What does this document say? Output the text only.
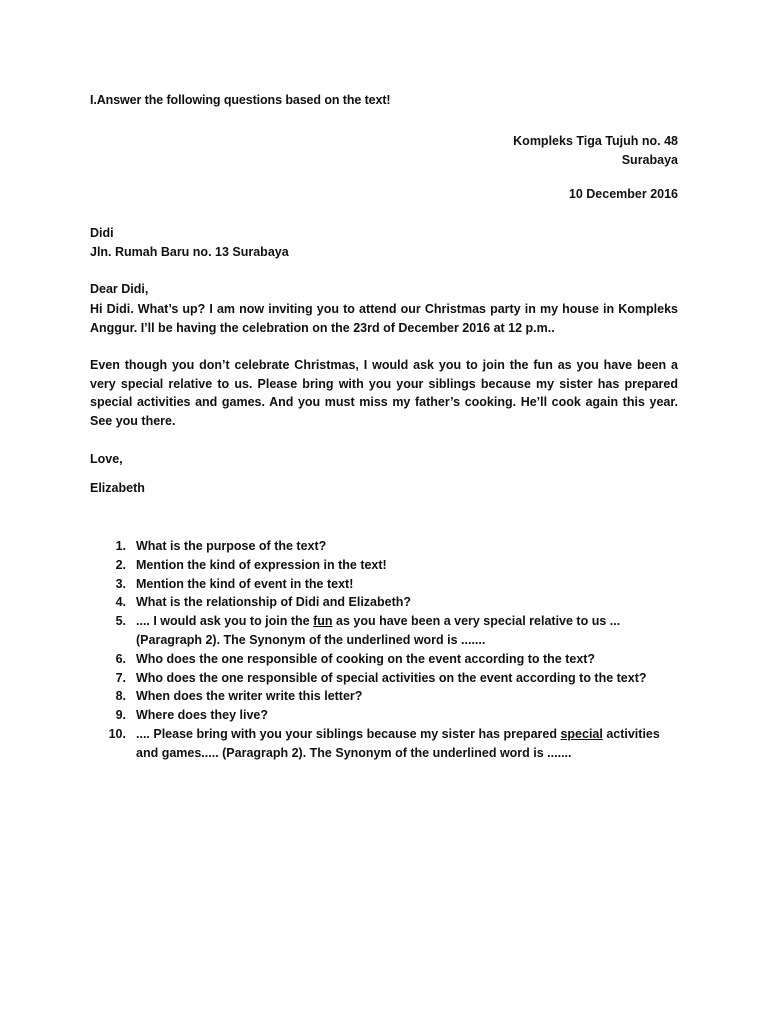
I.Answer the following questions based on the text!
Kompleks Tiga Tujuh no. 48
Surabaya
10 December 2016
Didi
Jln. Rumah Baru no. 13 Surabaya
Dear Didi,
Hi Didi. What’s up? I am now inviting you to attend our Christmas party in my house in Kompleks Anggur. I’ll be having the celebration on the 23rd of December 2016 at 12 p.m..
Even though you don’t celebrate Christmas, I would ask you to join the fun as you have been a very special relative to us. Please bring with you your siblings because my sister has prepared special activities and games. And you must miss my father’s cooking. He’ll cook again this year. See you there.
Love,
Elizabeth
1. What is the purpose of the text?
2. Mention the kind of expression in the text!
3. Mention the kind of event in the text!
4. What is the relationship of Didi and Elizabeth?
5. .... I would ask you to join the fun as you have been a very special relative to us ... (Paragraph 2). The Synonym of the underlined word is .......
6. Who does the one responsible of cooking on the event according to the text?
7. Who does the one responsible of special activities on the event according to the text?
8. When does the writer write this letter?
9. Where does they live?
10. .... Please bring with you your siblings because my sister has prepared special activities and games..... (Paragraph 2). The Synonym of the underlined word is .......
